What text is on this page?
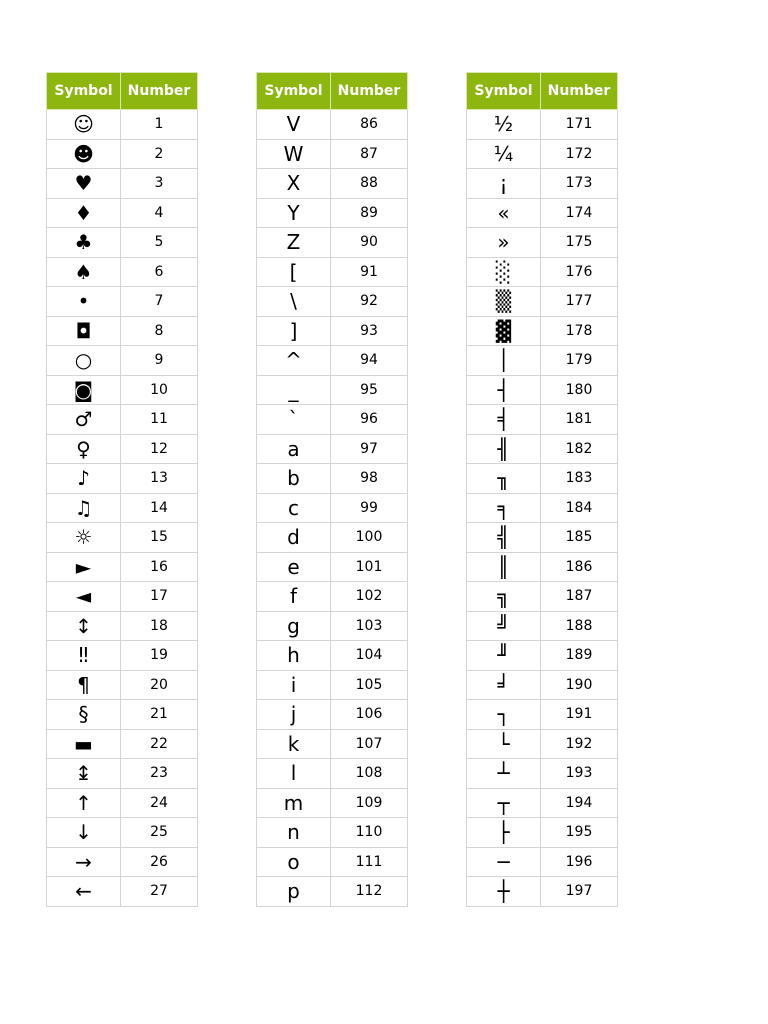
Symbol	Number
☺	1
☻	2
♥	3
♦	4
♣	5
♠	6
•	7
◘	8
○	9
◙	10
♂	11
♀	12
♪	13
♫	14
☼	15
►	16
◄	17
↕	18
‼	19
¶	20
§	21
▬	22
↨	23
↑	24
↓	25
→	26
←	27
Symbol	Number
V	86
W	87
X	88
Y	89
Z	90
[	91
\	92
]	93
^	94
_	95
`	96
a	97
b	98
c	99
d	100
e	101
f	102
g	103
h	104
i	105
j	106
k	107
l	108
m	109
n	110
o	111
p	112
Symbol	Number
½	171
¼	172
¡	173
«	174
»	175
░	176
▒	177
▓	178
│	179
┤	180
╡	181
╢	182
╖	183
╕	184
╣	185
║	186
╗	187
╝	188
╜	189
╛	190
┐	191
└	192
┴	193
┬	194
├	195
─	196
┼	197
